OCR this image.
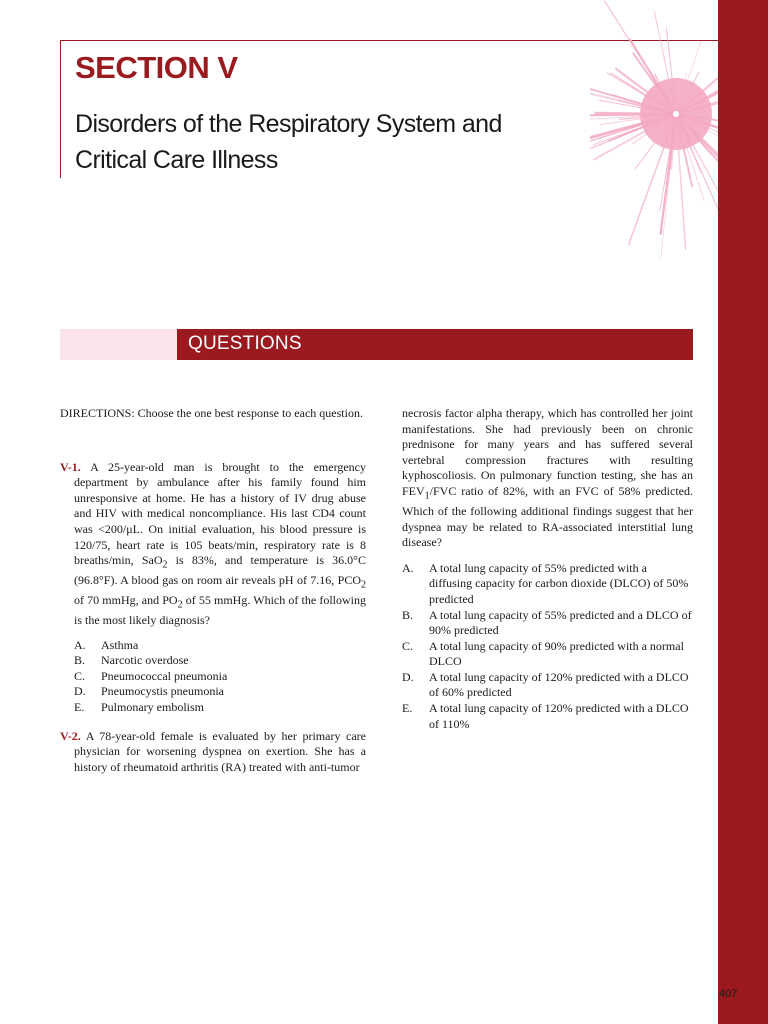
SECTION V
Disorders of the Respiratory System and
Critical Care Illness
QUESTIONS

DIRECTIONS: Choose the one best response to each question.

V-1. A 25-year-old man is brought to the emergency department by ambulance after his family found him unresponsive at home. He has a history of IV drug abuse and HIV with medical noncompliance. His last CD4 count was <200/μL. On initial evaluation, his blood pressure is 120/75, heart rate is 105 beats/min, respiratory rate is 8 breaths/min, SaO$_2$ is 83%, and temperature is 36.0°C (96.8°F). A blood gas on room air reveals pH of 7.16, $PCO_2$ of 70 mmHg, and $PO_2$ of 55 mmHg. Which of the following is the most likely diagnosis?

A.	Asthma
B.	Narcotic overdose
C.	Pneumococcal pneumonia
D.	Pneumocystis pneumonia
E.	Pulmonary embolism

V-2. A 78-year-old female is evaluated by her primary care physician for worsening dyspnea on exertion. She has a history of rheumatoid arthritis (RA) treated with anti-tumor

necrosis factor alpha therapy, which has controlled her joint manifestations. She had previously been on chronic prednisone for many years and has suffered several vertebral compression fractures with resulting kyphoscoliosis. On pulmonary function testing, she has an $FEV_1$/FVC ratio of 82%, with an FVC of 58% predicted. Which of the following additional findings suggest that her dyspnea may be related to RA-associated interstitial lung disease?

A.	A total lung capacity of 55% predicted with a diffusing capacity for carbon dioxide (DLCO) of 50% predicted
B.	A total lung capacity of 55% predicted and a DLCO of 90% predicted
C.	A total lung capacity of 90% predicted with a normal DLCO
D.	A total lung capacity of 120% predicted with a DLCO of 60% predicted
E.	A total lung capacity of 120% predicted with a DLCO of 110%
407
